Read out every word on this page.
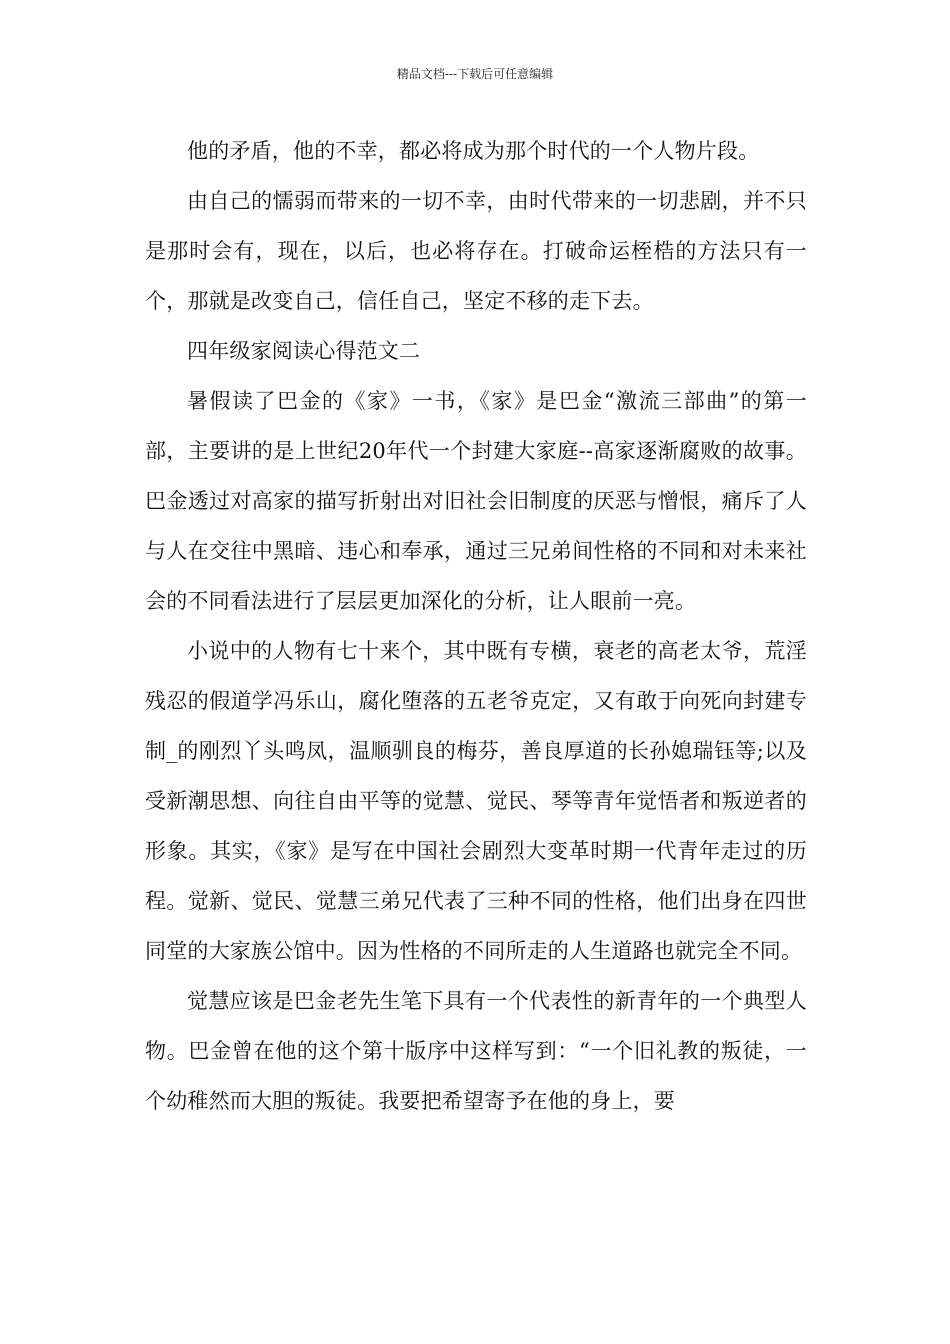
精品文档---下载后可任意编辑

他的矛盾，他的不幸，都必将成为那个时代的一个人物片段。

由自己的懦弱而带来的一切不幸，由时代带来的一切悲剧，并不只是那时会有，现在，以后，也必将存在。打破命运桎梏的方法只有一个，那就是改变自己，信任自己，坚定不移的走下去。

四年级家阅读心得范文二

暑假读了巴金的《家》一书，《家》是巴金“激流三部曲”的第一部，主要讲的是上世纪20年代一个封建大家庭--高家逐渐腐败的故事。巴金透过对高家的描写折射出对旧社会旧制度的厌恶与憎恨，痛斥了人与人在交往中黑暗、违心和奉承，通过三兄弟间性格的不同和对未来社会的不同看法进行了层层更加深化的分析，让人眼前一亮。

小说中的人物有七十来个，其中既有专横，衰老的高老太爷，荒淫残忍的假道学冯乐山，腐化堕落的五老爷克定，又有敢于向死向封建专制_的刚烈丫头鸣凤，温顺驯良的梅芬，善良厚道的长孙媳瑞钰等;以及受新潮思想、向往自由平等的觉慧、觉民、琴等青年觉悟者和叛逆者的形象。其实，《家》是写在中国社会剧烈大变革时期一代青年走过的历程。觉新、觉民、觉慧三弟兄代表了三种不同的性格，他们出身在四世同堂的大家族公馆中。因为性格的不同所走的人生道路也就完全不同。

觉慧应该是巴金老先生笔下具有一个代表性的新青年的一个典型人物。巴金曾在他的这个第十版序中这样写到：“一个旧礼教的叛徒，一个幼稚然而大胆的叛徒。我要把希望寄予在他的身上，要
